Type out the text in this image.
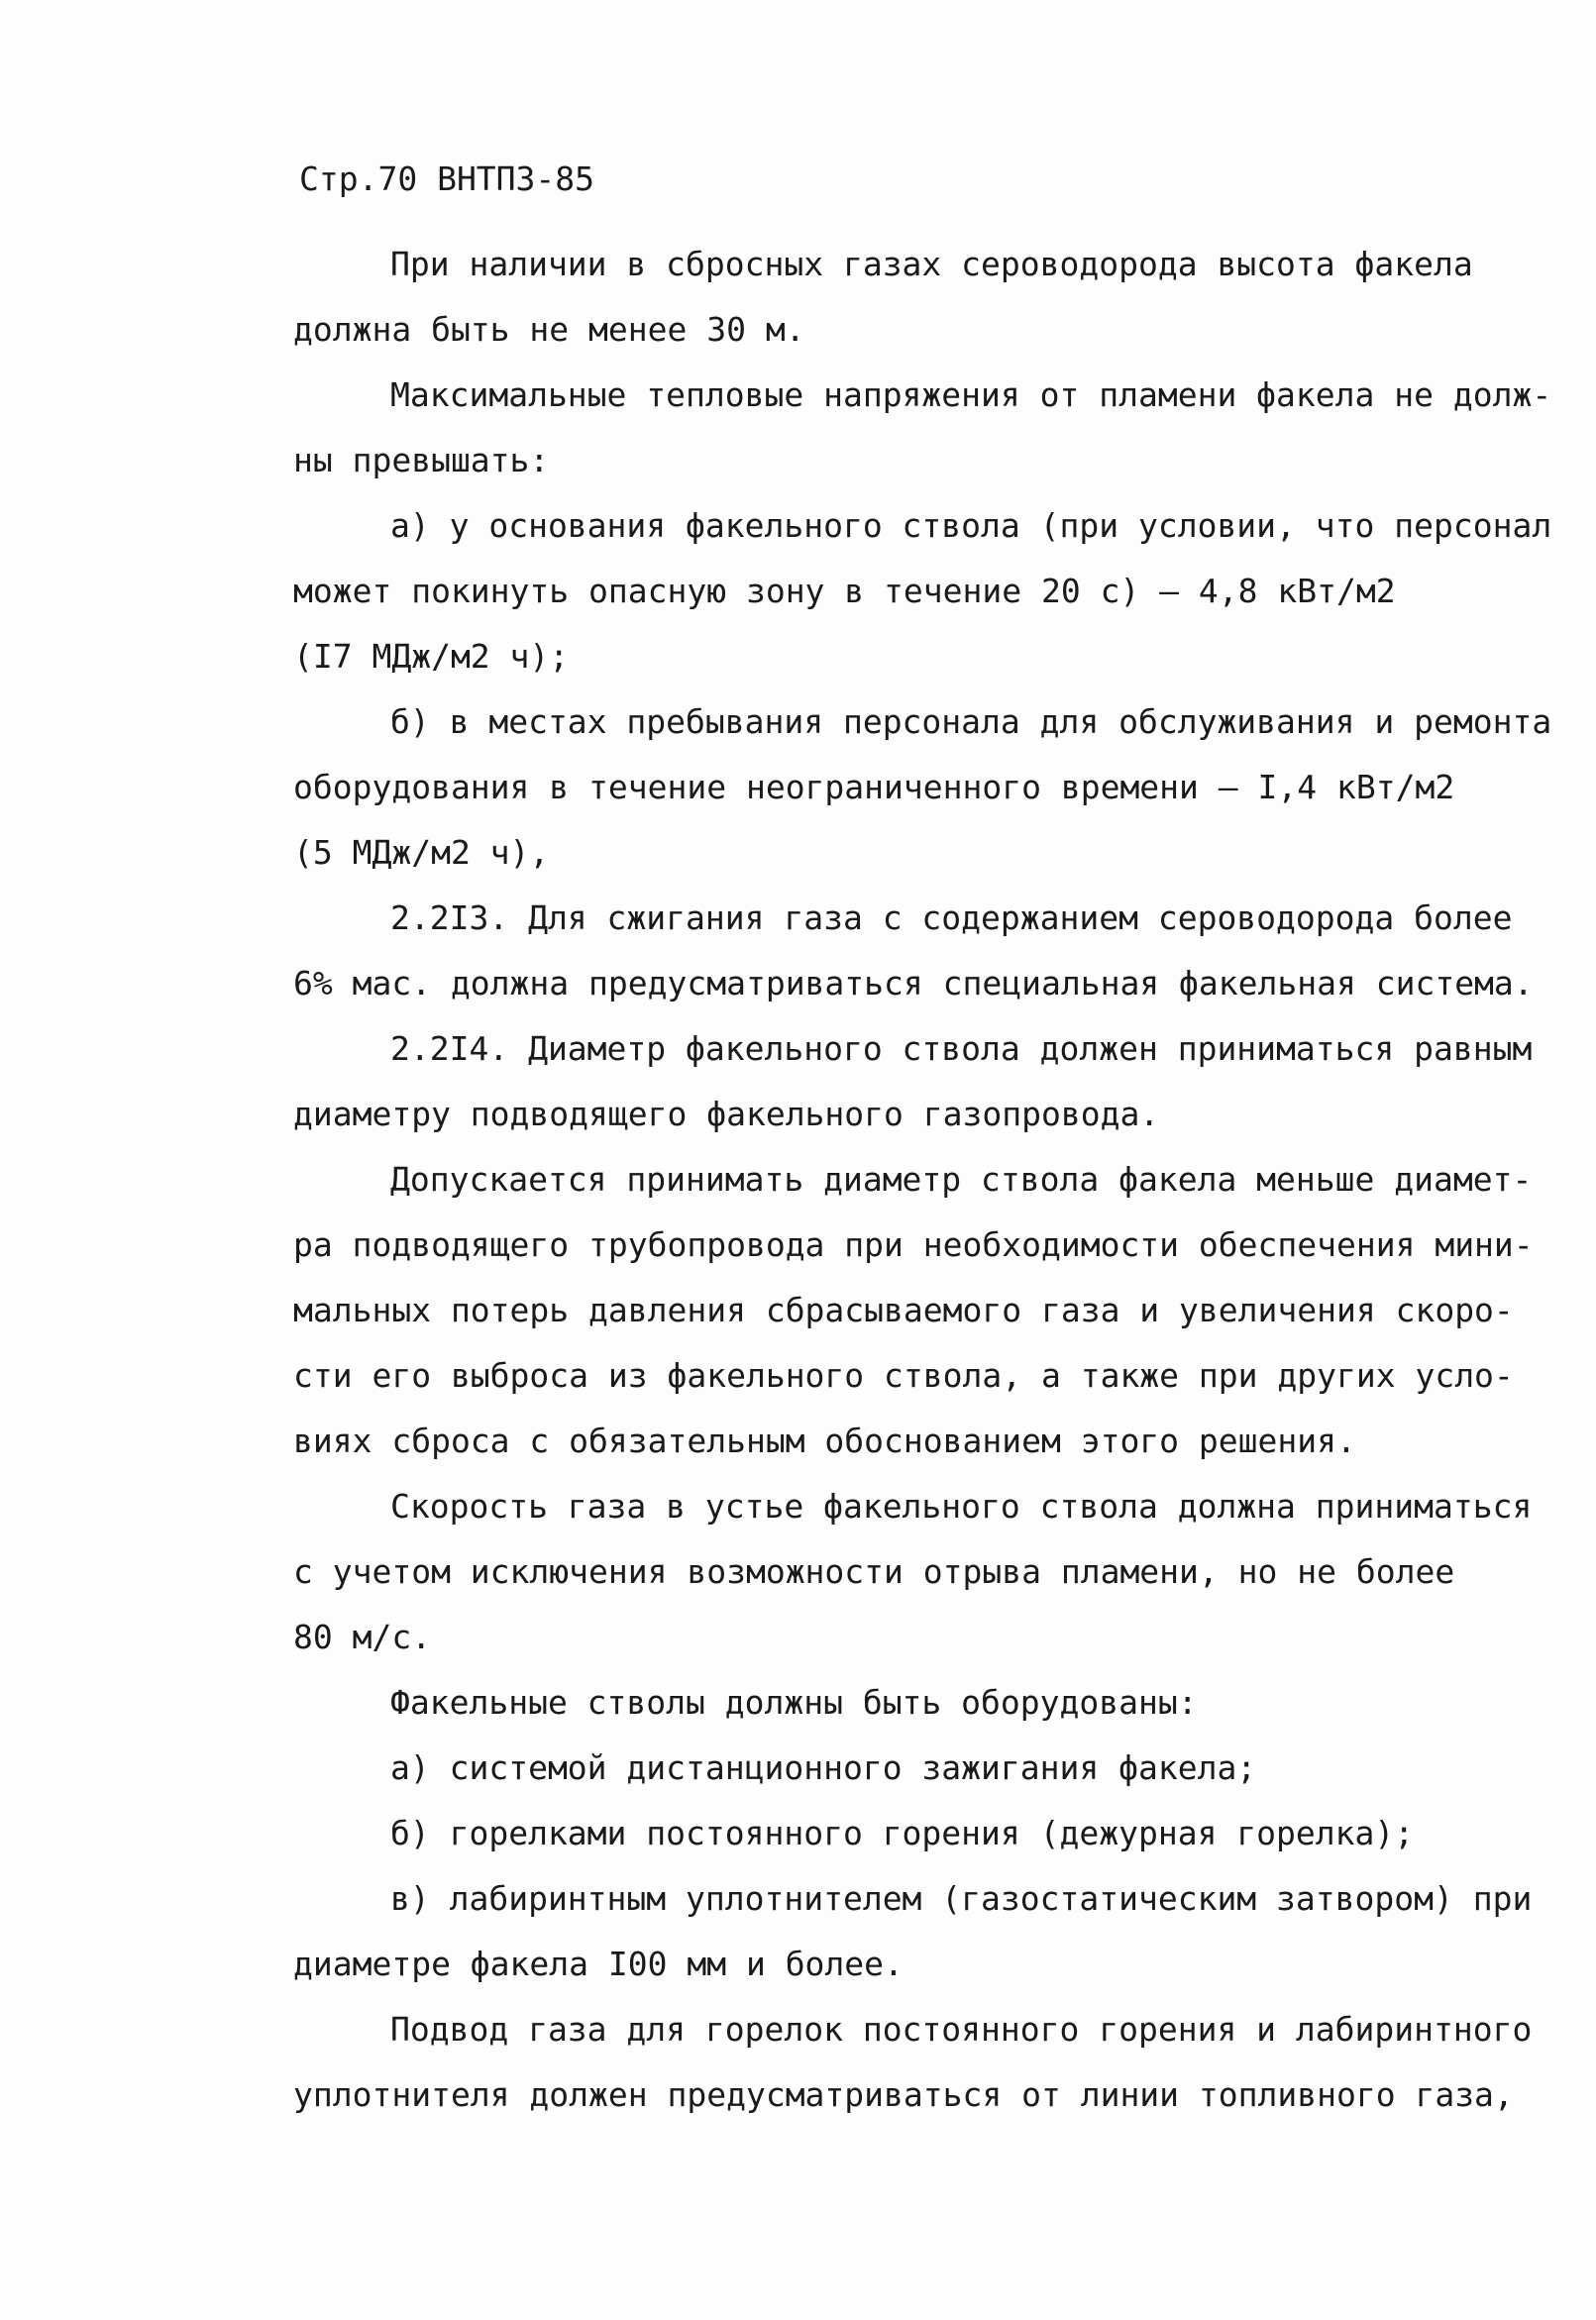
Стр.70 ВНТПЗ-85
При наличии в сбросных газах сероводорода высота факела
должна быть не менее 30 м.
Максимальные тепловые напряжения от пламени факела не долж-
ны превышать:
а) у основания факельного ствола (при условии, что персонал
может покинуть опасную зону в течение 20 с) – 4,8 кВт/м2
(I7 МДж/м2 ч);
б) в местах пребывания персонала для обслуживания и ремонта
оборудования в течение неограниченного времени – I,4 кВт/м2
(5 МДж/м2 ч),
2.2I3. Для сжигания газа с содержанием сероводорода более
6% мас. должна предусматриваться специальная факельная система.
2.2I4. Диаметр факельного ствола должен приниматься равным
диаметру подводящего факельного газопровода.
Допускается принимать диаметр ствола факела меньше диамет-
ра подводящего трубопровода при необходимости обеспечения мини-
мальных потерь давления сбрасываемого газа и увеличения скоро-
сти его выброса из факельного ствола, а также при других усло-
виях сброса с обязательным обоснованием этого решения.
Скорость газа в устье факельного ствола должна приниматься
с учетом исключения возможности отрыва пламени, но не более
80 м/с.
Факельные стволы должны быть оборудованы:
а) системой дистанционного зажигания факела;
б) горелками постоянного горения (дежурная горелка);
в) лабиринтным уплотнителем (газостатическим затвором) при
диаметре факела I00 мм и более.
Подвод газа для горелок постоянного горения и лабиринтного
уплотнителя должен предусматриваться от линии топливного газа,
